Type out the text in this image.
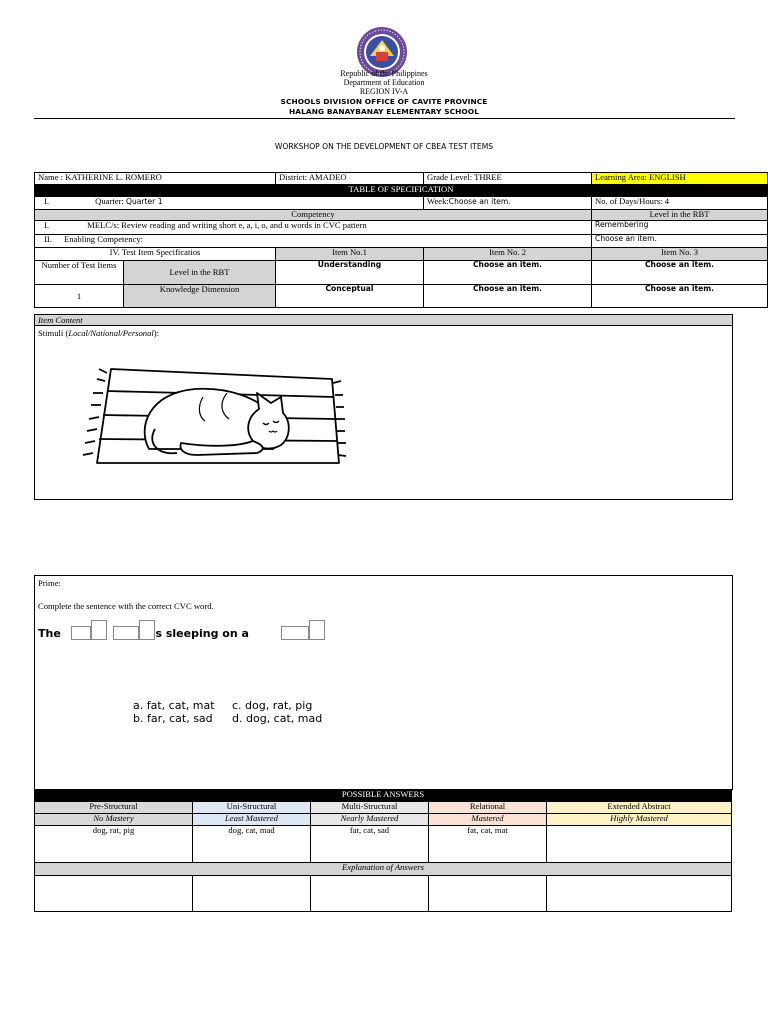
Republic of the Philippines
Department of Education
REGION IV-A
SCHOOLS DIVISION OFFICE OF CAVITE PROVINCE
HALANG BANAYBANAY ELEMENTARY SCHOOL
WORKSHOP ON THE DEVELOPMENT OF CBEA TEST ITEMS
Name : KATHERINE L. ROMERO		District: AMADEO	Grade Level: THREE	Learning Area: ENGLISH
TABLE OF SPECIFICATION				
I. Quarter: Quarter 1			Week:Choose an item.	No. of Days/Hours: 4
Competency				Level in the RBT
I. MELC/s: Review reading and writing short e, a, i, o, and u words in CVC pattern				Remembering
II. Enabling Competency:				Choose an item.
IV. Test Item Specificatios		Item No.1	Item No. 2	Item No. 3
Number of Test Items	Level in the RBT	Understanding	Choose an item.	Choose an item.
1	Knowledge Dimension	Conceptual	Choose an item.	Choose an item.
Item Content
Stimuli (Local/National/Personal):
Prime:
Complete the sentence with the correct CVC word.
The	s sleeping on a
a. fat, cat, mat
b. far, cat, sad
c. dog, rat, pig
d. dog, cat, mad
POSSIBLE ANSWERS				
Pre-Structural	Uni-Structural	Multi-Structural	Relational	Extended Abstract
No Mastery	Least Mastered	Nearly Mastered	Mastered	Highly Mastered
dog, rat, pig	dog, cat, mad	fat, cat, sad	fat, cat, mat	
Explanation of Answers				
